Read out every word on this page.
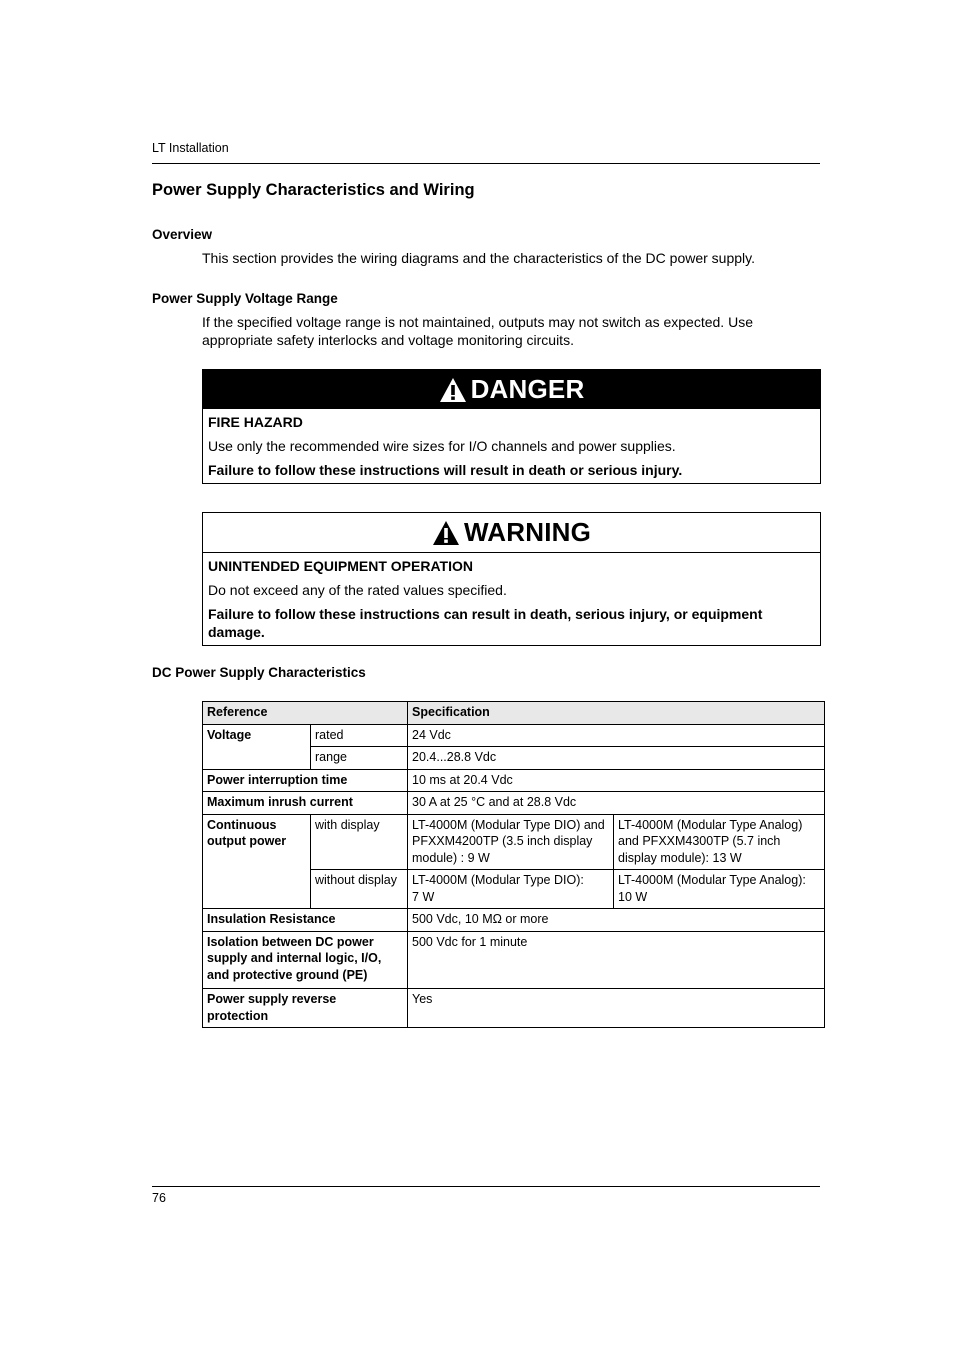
LT Installation
Power Supply Characteristics and Wiring
Overview

This section provides the wiring diagrams and the characteristics of the DC power supply.

Power Supply Voltage Range

If the specified voltage range is not maintained, outputs may not switch as expected. Use
appropriate safety interlocks and voltage monitoring circuits.

DANGER
FIRE HAZARD
Use only the recommended wire sizes for I/O channels and power supplies.
Failure to follow these instructions will result in death or serious injury.
WARNING
UNINTENDED EQUIPMENT OPERATION
Do not exceed any of the rated values specified.
Failure to follow these instructions can result in death, serious injury, or equipment
damage.
DC Power Supply Characteristics
Reference		Specification	
Voltage	rated	24 Vdc	
	range	20.4...28.8 Vdc	
Power interruption time		10 ms at 20.4 Vdc	
Maximum inrush current		30 A at 25 °C and at 28.8 Vdc	
Continuous
output power	with display	LT-4000M (Modular Type DIO) and
PFXXM4200TP (3.5 inch display
module) : 9 W	LT-4000M (Modular Type Analog)
and PFXXM4300TP (5.7 inch
display module): 13 W
	without display	LT-4000M (Modular Type DIO):
7 W	LT-4000M (Modular Type Analog):
10 W
Insulation Resistance		500 Vdc, 10 MΩ or more	
Isolation between DC power
supply and internal logic, I/O,
and protective ground (PE)		500 Vdc for 1 minute	
Power supply reverse
protection		Yes	
76
